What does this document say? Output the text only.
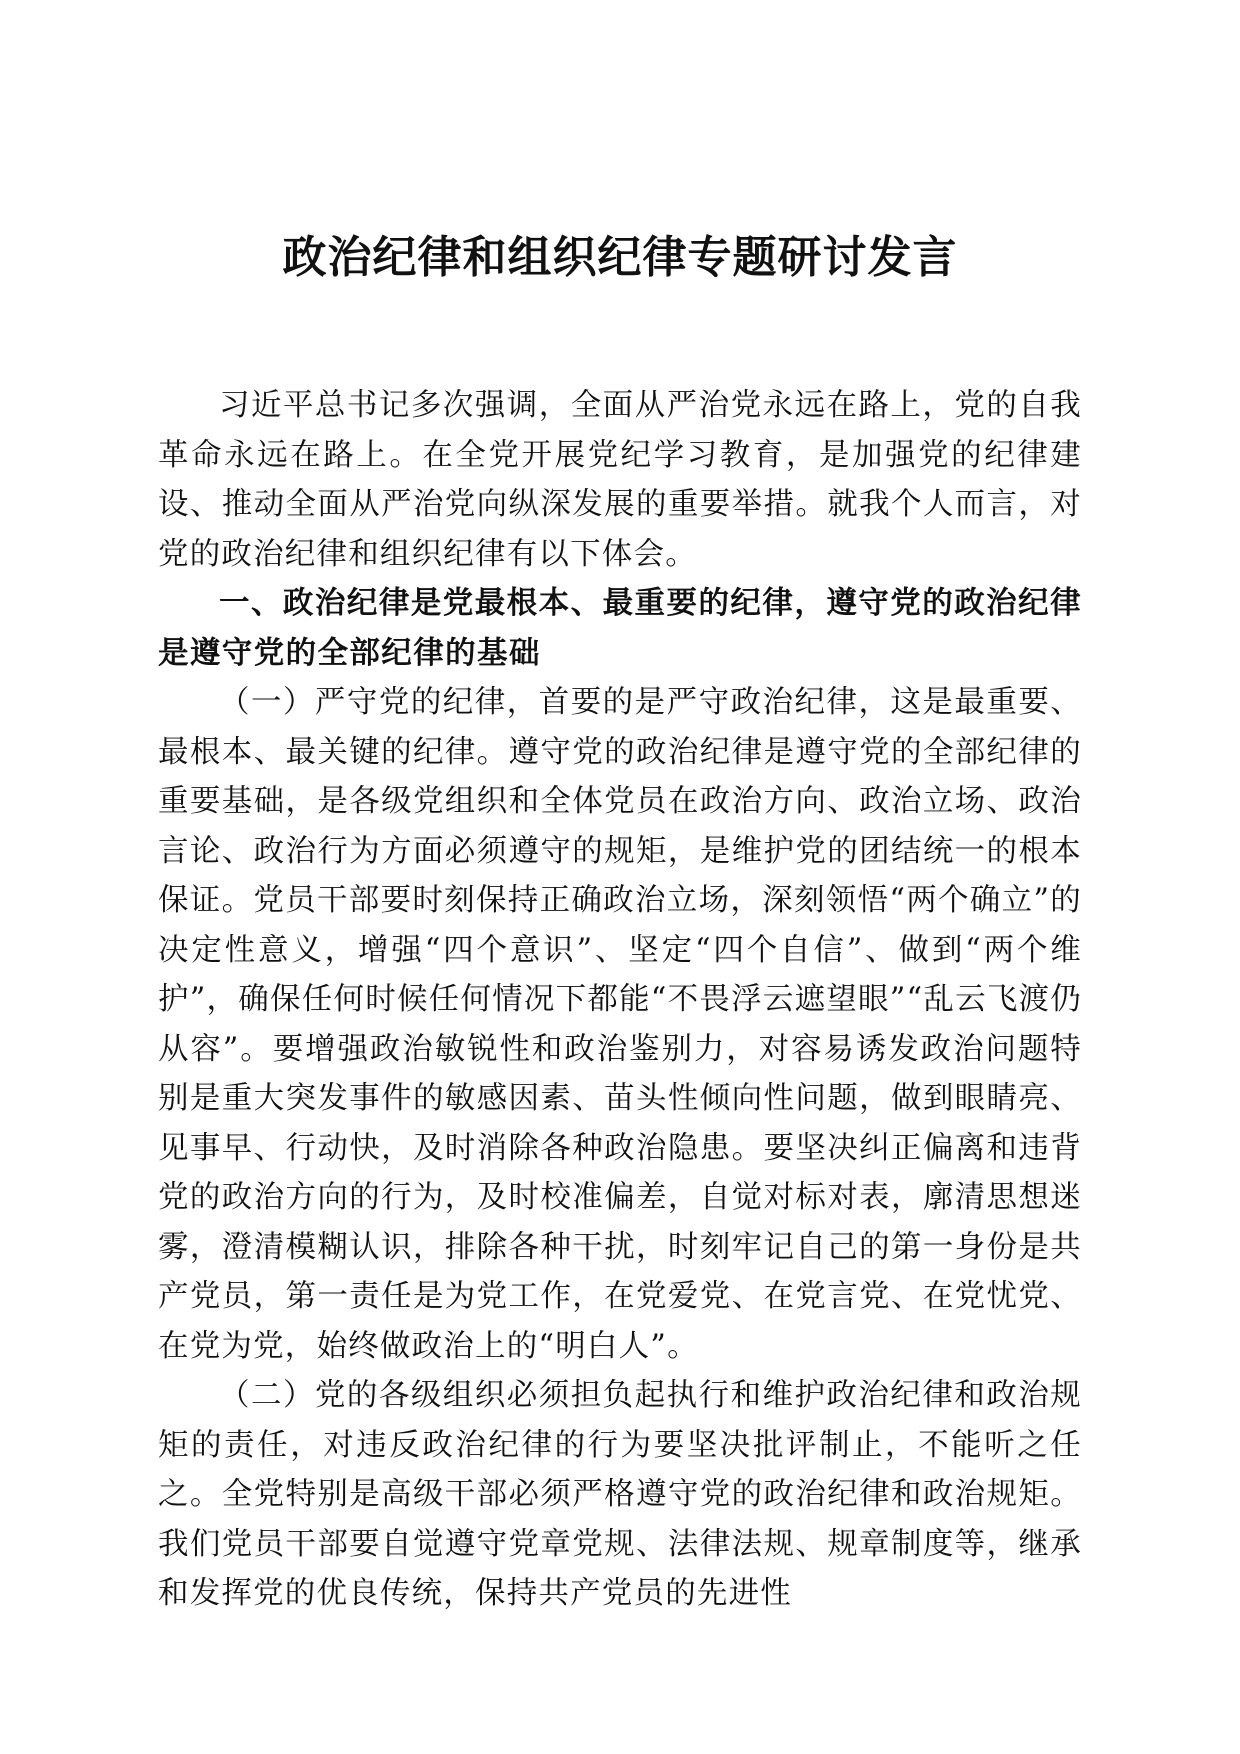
政治纪律和组织纪律专题研讨发言

习近平总书记多次强调，全面从严治党永远在路上，党的自我革命永远在路上。在全党开展党纪学习教育，是加强党的纪律建设、推动全面从严治党向纵深发展的重要举措。就我个人而言，对党的政治纪律和组织纪律有以下体会。

一、政治纪律是党最根本、最重要的纪律，遵守党的政治纪律是遵守党的全部纪律的基础

（一）严守党的纪律，首要的是严守政治纪律，这是最重要、最根本、最关键的纪律。遵守党的政治纪律是遵守党的全部纪律的重要基础，是各级党组织和全体党员在政治方向、政治立场、政治言论、政治行为方面必须遵守的规矩，是维护党的团结统一的根本保证。党员干部要时刻保持正确政治立场，深刻领悟“两个确立”的决定性意义，增强“四个意识”、坚定“四个自信”、做到“两个维护”，确保任何时候任何情况下都能“不畏浮云遮望眼”“乱云飞渡仍从容”。要增强政治敏锐性和政治鉴别力，对容易诱发政治问题特别是重大突发事件的敏感因素、苗头性倾向性问题，做到眼睛亮、见事早、行动快，及时消除各种政治隐患。要坚决纠正偏离和违背党的政治方向的行为，及时校准偏差，自觉对标对表，廓清思想迷雾，澄清模糊认识，排除各种干扰，时刻牢记自己的第一身份是共产党员，第一责任是为党工作，在党爱党、在党言党、在党忧党、在党为党，始终做政治上的“明白人”。

（二）党的各级组织必须担负起执行和维护政治纪律和政治规矩的责任，对违反政治纪律的行为要坚决批评制止，不能听之任之。全党特别是高级干部必须严格遵守党的政治纪律和政治规矩。我们党员干部要自觉遵守党章党规、法律法规、规章制度等，继承和发挥党的优良传统，保持共产党员的先进性
